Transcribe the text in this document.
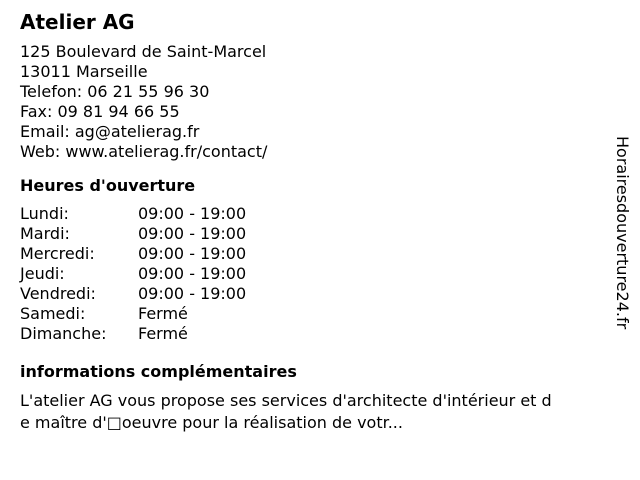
Atelier AG
125 Boulevard de Saint-Marcel
13011 Marseille
Telefon: 06 21 55 96 30
Fax: 09 81 94 66 55
Email: ag@atelierag.fr
Web: www.atelierag.fr/contact/
Heures d'ouverture
Lundi:	09:00 - 19:00
Mardi:	09:00 - 19:00
Mercredi:	09:00 - 19:00
Jeudi:	09:00 - 19:00
Vendredi:	09:00 - 19:00
Samedi:	Fermé
Dimanche:	Fermé
informations complémentaires
L'atelier AG vous propose ses services d'architecte d'intérieur et de maître d'□oeuvre pour la réalisation de votr...
Horairesdouverture24.fr
